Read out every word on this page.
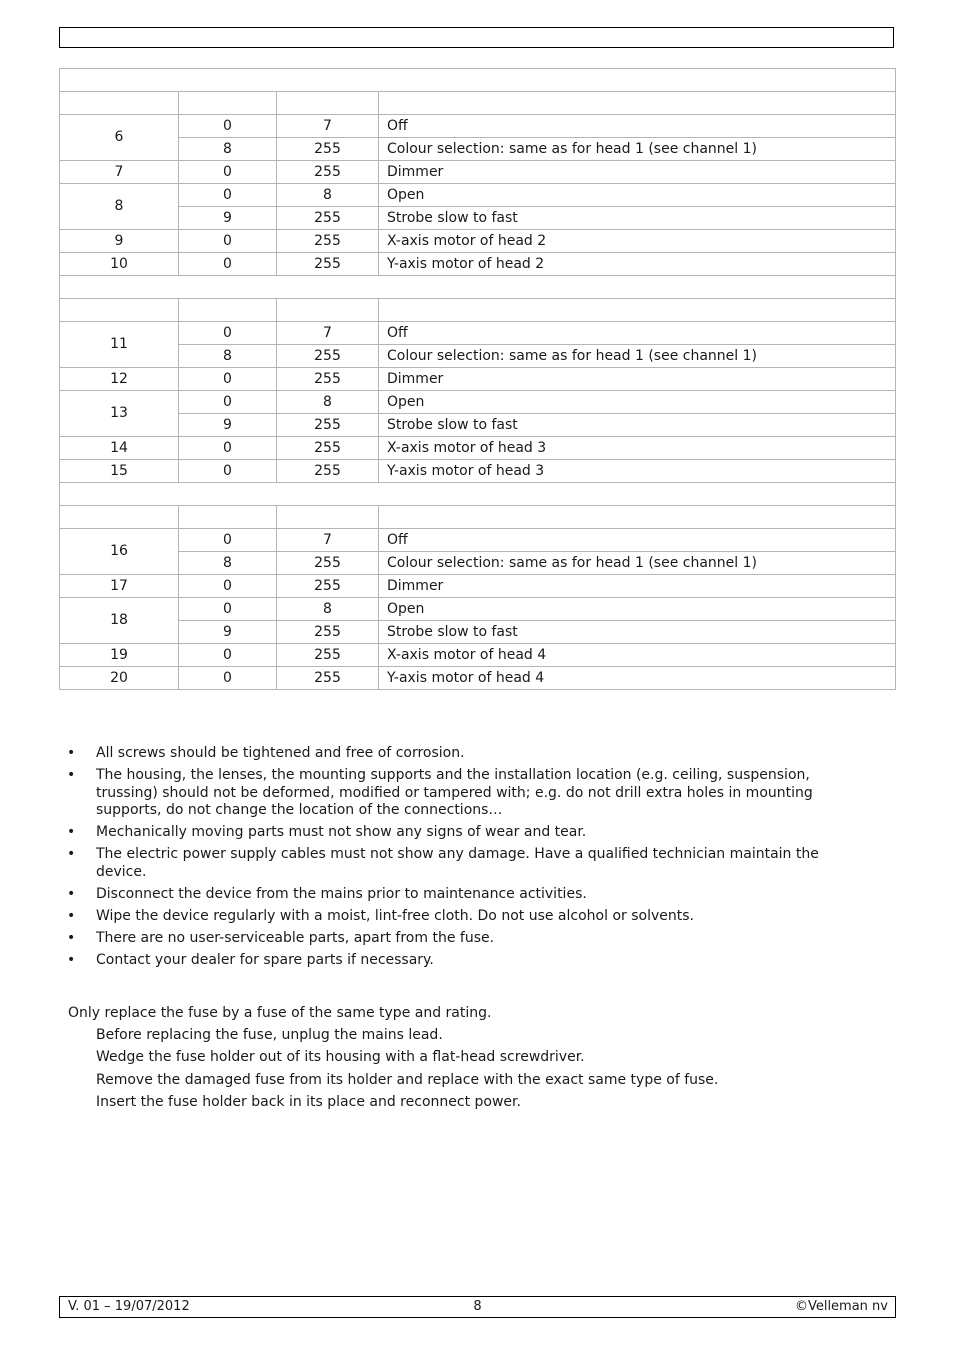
6	0	7	Off
	8	255	Colour selection: same as for head 1 (see channel 1)
7	0	255	Dimmer
8	0	8	Open
	9	255	Strobe slow to fast
9	0	255	X-axis motor of head 2
10	0	255	Y-axis motor of head 2

11	0	7	Off
	8	255	Colour selection: same as for head 1 (see channel 1)
12	0	255	Dimmer
13	0	8	Open
	9	255	Strobe slow to fast
14	0	255	X-axis motor of head 3
15	0	255	Y-axis motor of head 3

16	0	7	Off
	8	255	Colour selection: same as for head 1 (see channel 1)
17	0	255	Dimmer
18	0	8	Open
	9	255	Strobe slow to fast
19	0	255	X-axis motor of head 4
20	0	255	Y-axis motor of head 4
• All screws should be tightened and free of corrosion.
• The housing, the lenses, the mounting supports and the installation location (e.g. ceiling, suspension, trussing) should not be deformed, modified or tampered with; e.g. do not drill extra holes in mounting supports, do not change the location of the connections…
• Mechanically moving parts must not show any signs of wear and tear.
• The electric power supply cables must not show any damage. Have a qualified technician maintain the device.
• Disconnect the device from the mains prior to maintenance activities.
• Wipe the device regularly with a moist, lint-free cloth. Do not use alcohol or solvents.
• There are no user-serviceable parts, apart from the fuse.
• Contact your dealer for spare parts if necessary.

Only replace the fuse by a fuse of the same type and rating.

Before replacing the fuse, unplug the mains lead.
Wedge the fuse holder out of its housing with a flat-head screwdriver.
Remove the damaged fuse from its holder and replace with the exact same type of fuse.
Insert the fuse holder back in its place and reconnect power.
V. 01 – 19/07/2012	8	©Velleman nv
